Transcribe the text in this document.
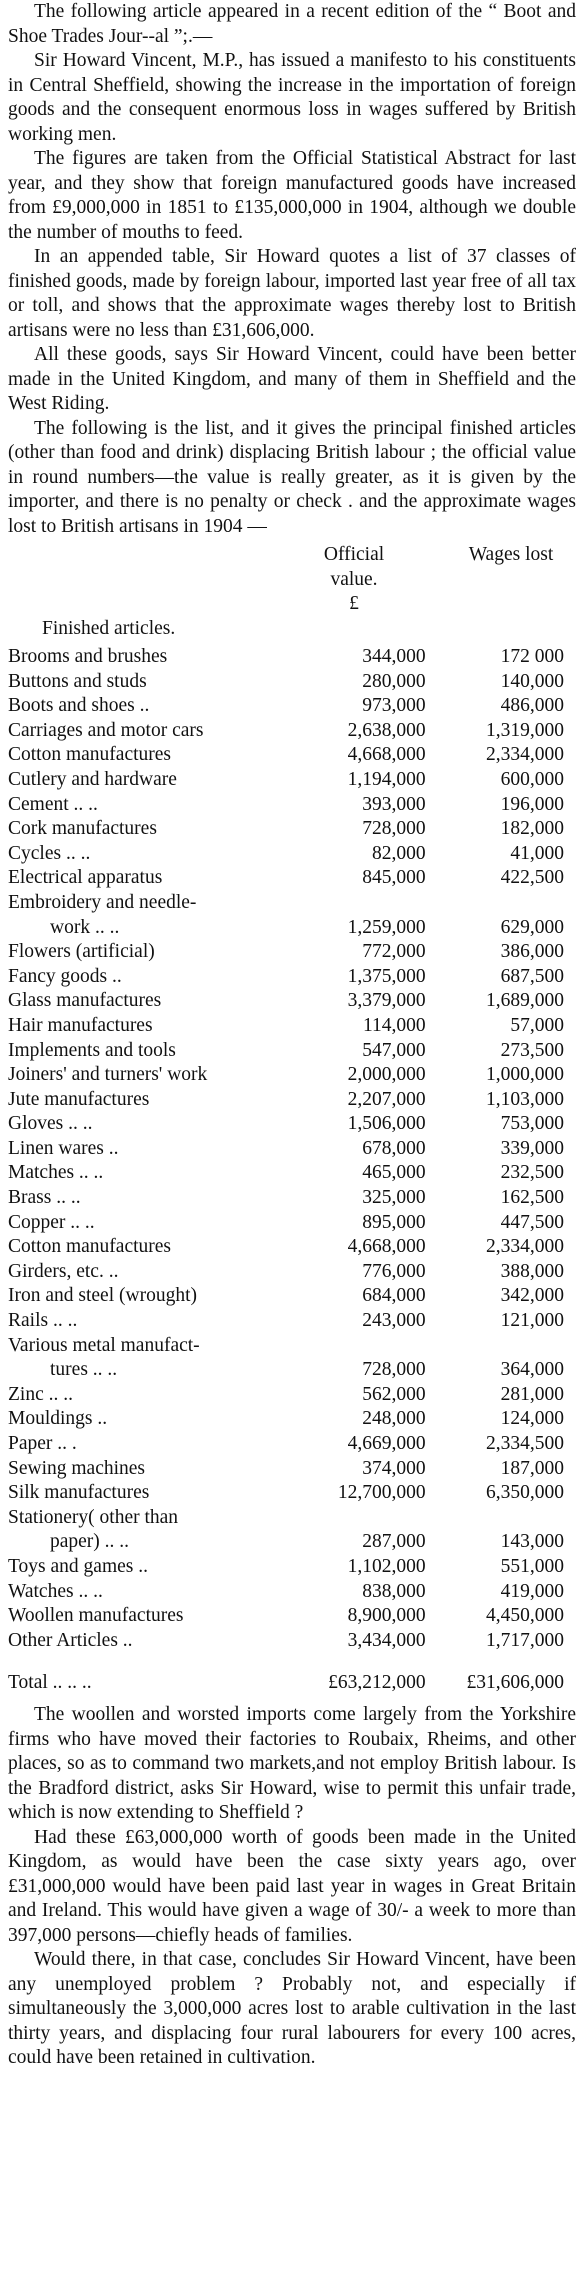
The following article appeared in a recent edition of the “ Boot and Shoe Trades Jour--al ”;.—

Sir Howard Vincent, M.P., has issued a manifesto to his constituents in Central Sheffield, showing the increase in the importation of foreign goods and the consequent enormous loss in wages suffered by British working men.

The figures are taken from the Official Statistical Abstract for last year, and they show that foreign manufactured goods have increased from £9,000,000 in 1851 to £135,000,000 in 1904, although we double the number of mouths to feed.

In an appended table, Sir Howard quotes a list of 37 classes of finished goods, made by foreign labour, imported last year free of all tax or toll, and shows that the approximate wages thereby lost to British artisans were no less than £31,606,000.

All these goods, says Sir Howard Vincent, could have been better made in the United Kingdom, and many of them in Sheffield and the West Riding.

The following is the list, and it gives the principal finished articles (other than food and drink) displacing British labour ; the official value in round numbers—the value is really greater, as it is given by the importer, and there is no penalty or check . and the approximate wages lost to British artisans in 1904 —

Official value.
£
Wages lost
Finished articles.
Brooms and brushes	344,000	172 000
Buttons and studs	280,000	140,000
Boots and shoes ..	973,000	486,000
Carriages and motor cars	2,638,000	1,319,000
Cotton manufactures	4,668,000	2,334,000
Cutlery and hardware	1,194,000	600,000
Cement .. ..	393,000	196,000
Cork manufactures	728,000	182,000
Cycles .. ..	82,000	41,000
Electrical apparatus	845,000	422,500
Embroidery and needle-		
work .. ..	1,259,000	629,000
Flowers (artificial)	772,000	386,000
Fancy goods ..	1,375,000	687,500
Glass manufactures	3,379,000	1,689,000
Hair manufactures	114,000	57,000
Implements and tools	547,000	273,500
Joiners' and turners' work	2,000,000	1,000,000
Jute manufactures	2,207,000	1,103,000
Gloves .. ..	1,506,000	753,000
Linen wares ..	678,000	339,000
Matches .. ..	465,000	232,500
Brass .. ..	325,000	162,500
Copper .. ..	895,000	447,500
Cotton manufactures	4,668,000	2,334,000
Girders, etc. ..	776,000	388,000
Iron and steel (wrought)	684,000	342,000
Rails .. ..	243,000	121,000
Various metal manufact-		
tures .. ..	728,000	364,000
Zinc .. ..	562,000	281,000
Mouldings ..	248,000	124,000
Paper .. .	4,669,000	2,334,500
Sewing machines	374,000	187,000
Silk manufactures	12,700,000	6,350,000
Stationery( other than		
paper) .. ..	287,000	143,000
Toys and games ..	1,102,000	551,000
Watches .. ..	838,000	419,000
Woollen manufactures	8,900,000	4,450,000
Other Articles ..	3,434,000	1,717,000
Total .. .. ..	£63,212,000	£31,606,000

The woollen and worsted imports come largely from the Yorkshire firms who have moved their factories to Roubaix, Rheims, and other places, so as to command two markets,and not employ British labour. Is the Bradford district, asks Sir Howard, wise to permit this unfair trade, which is now extending to Sheffield ?

Had these £63,000,000 worth of goods been made in the United Kingdom, as would have been the case sixty years ago, over £31,000,000 would have been paid last year in wages in Great Britain and Ireland. This would have given a wage of 30/- a week to more than 397,000 persons—chiefly heads of families.

Would there, in that case, concludes Sir Howard Vincent, have been any unemployed problem ? Probably not, and especially if simultaneously the 3,000,000 acres lost to arable cultivation in the last thirty years, and displacing four rural labourers for every 100 acres, could have been retained in cultivation.
